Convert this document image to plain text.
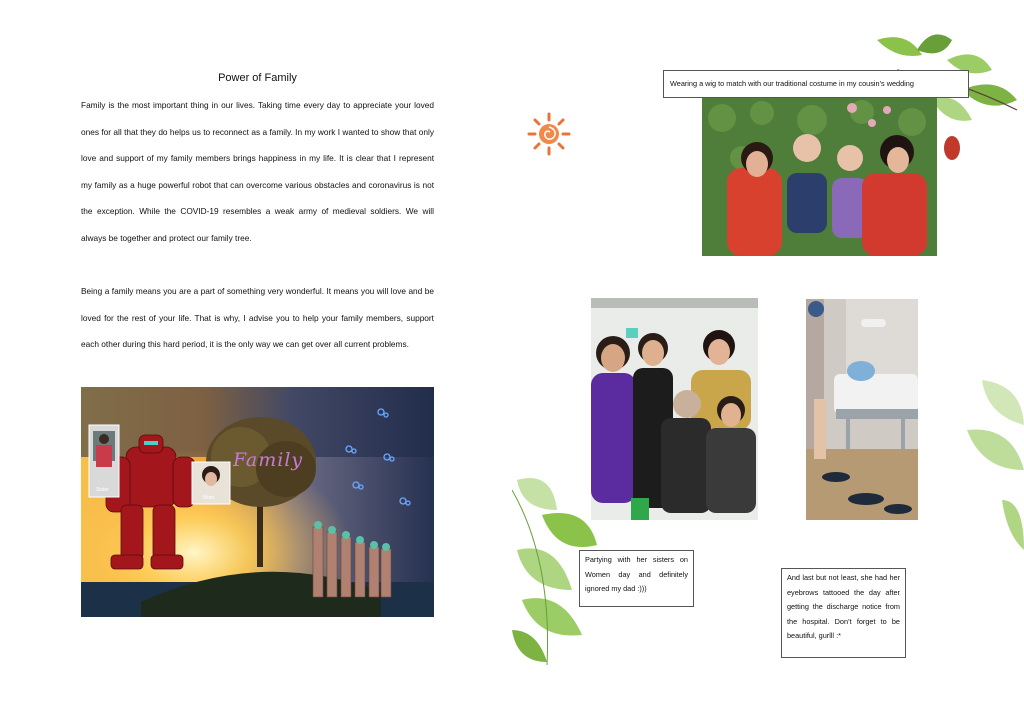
Power of Family
Family is the most important thing in our lives. Taking time every day to appreciate your loved ones for all that they do helps us to reconnect as a family. In my work I wanted to show that only love and support of my family members brings happiness in my life. It is clear that I represent my family as a huge powerful robot that can overcome various obstacles and coronavirus is not the exception. While the COVID-19 resembles a weak army of medieval soldiers. We will always be together and protect our family tree.
Being a family means you are a part of something very wonderful. It means you will love and be loved for the rest of your life. That is why, I advise you to help your family members, support each other during this hard period, it is the only way we can get over all current problems.
Family
Sister
Mom
Wearing a wig to match with our traditional costume in my cousin’s wedding
Partying with her sisters on Women day and definitely ignored my dad :)))
And last but not least, she had her eyebrows tattooed the day after getting the discharge notice from the hospital. Don’t forget to be beautiful, gurlll :*
